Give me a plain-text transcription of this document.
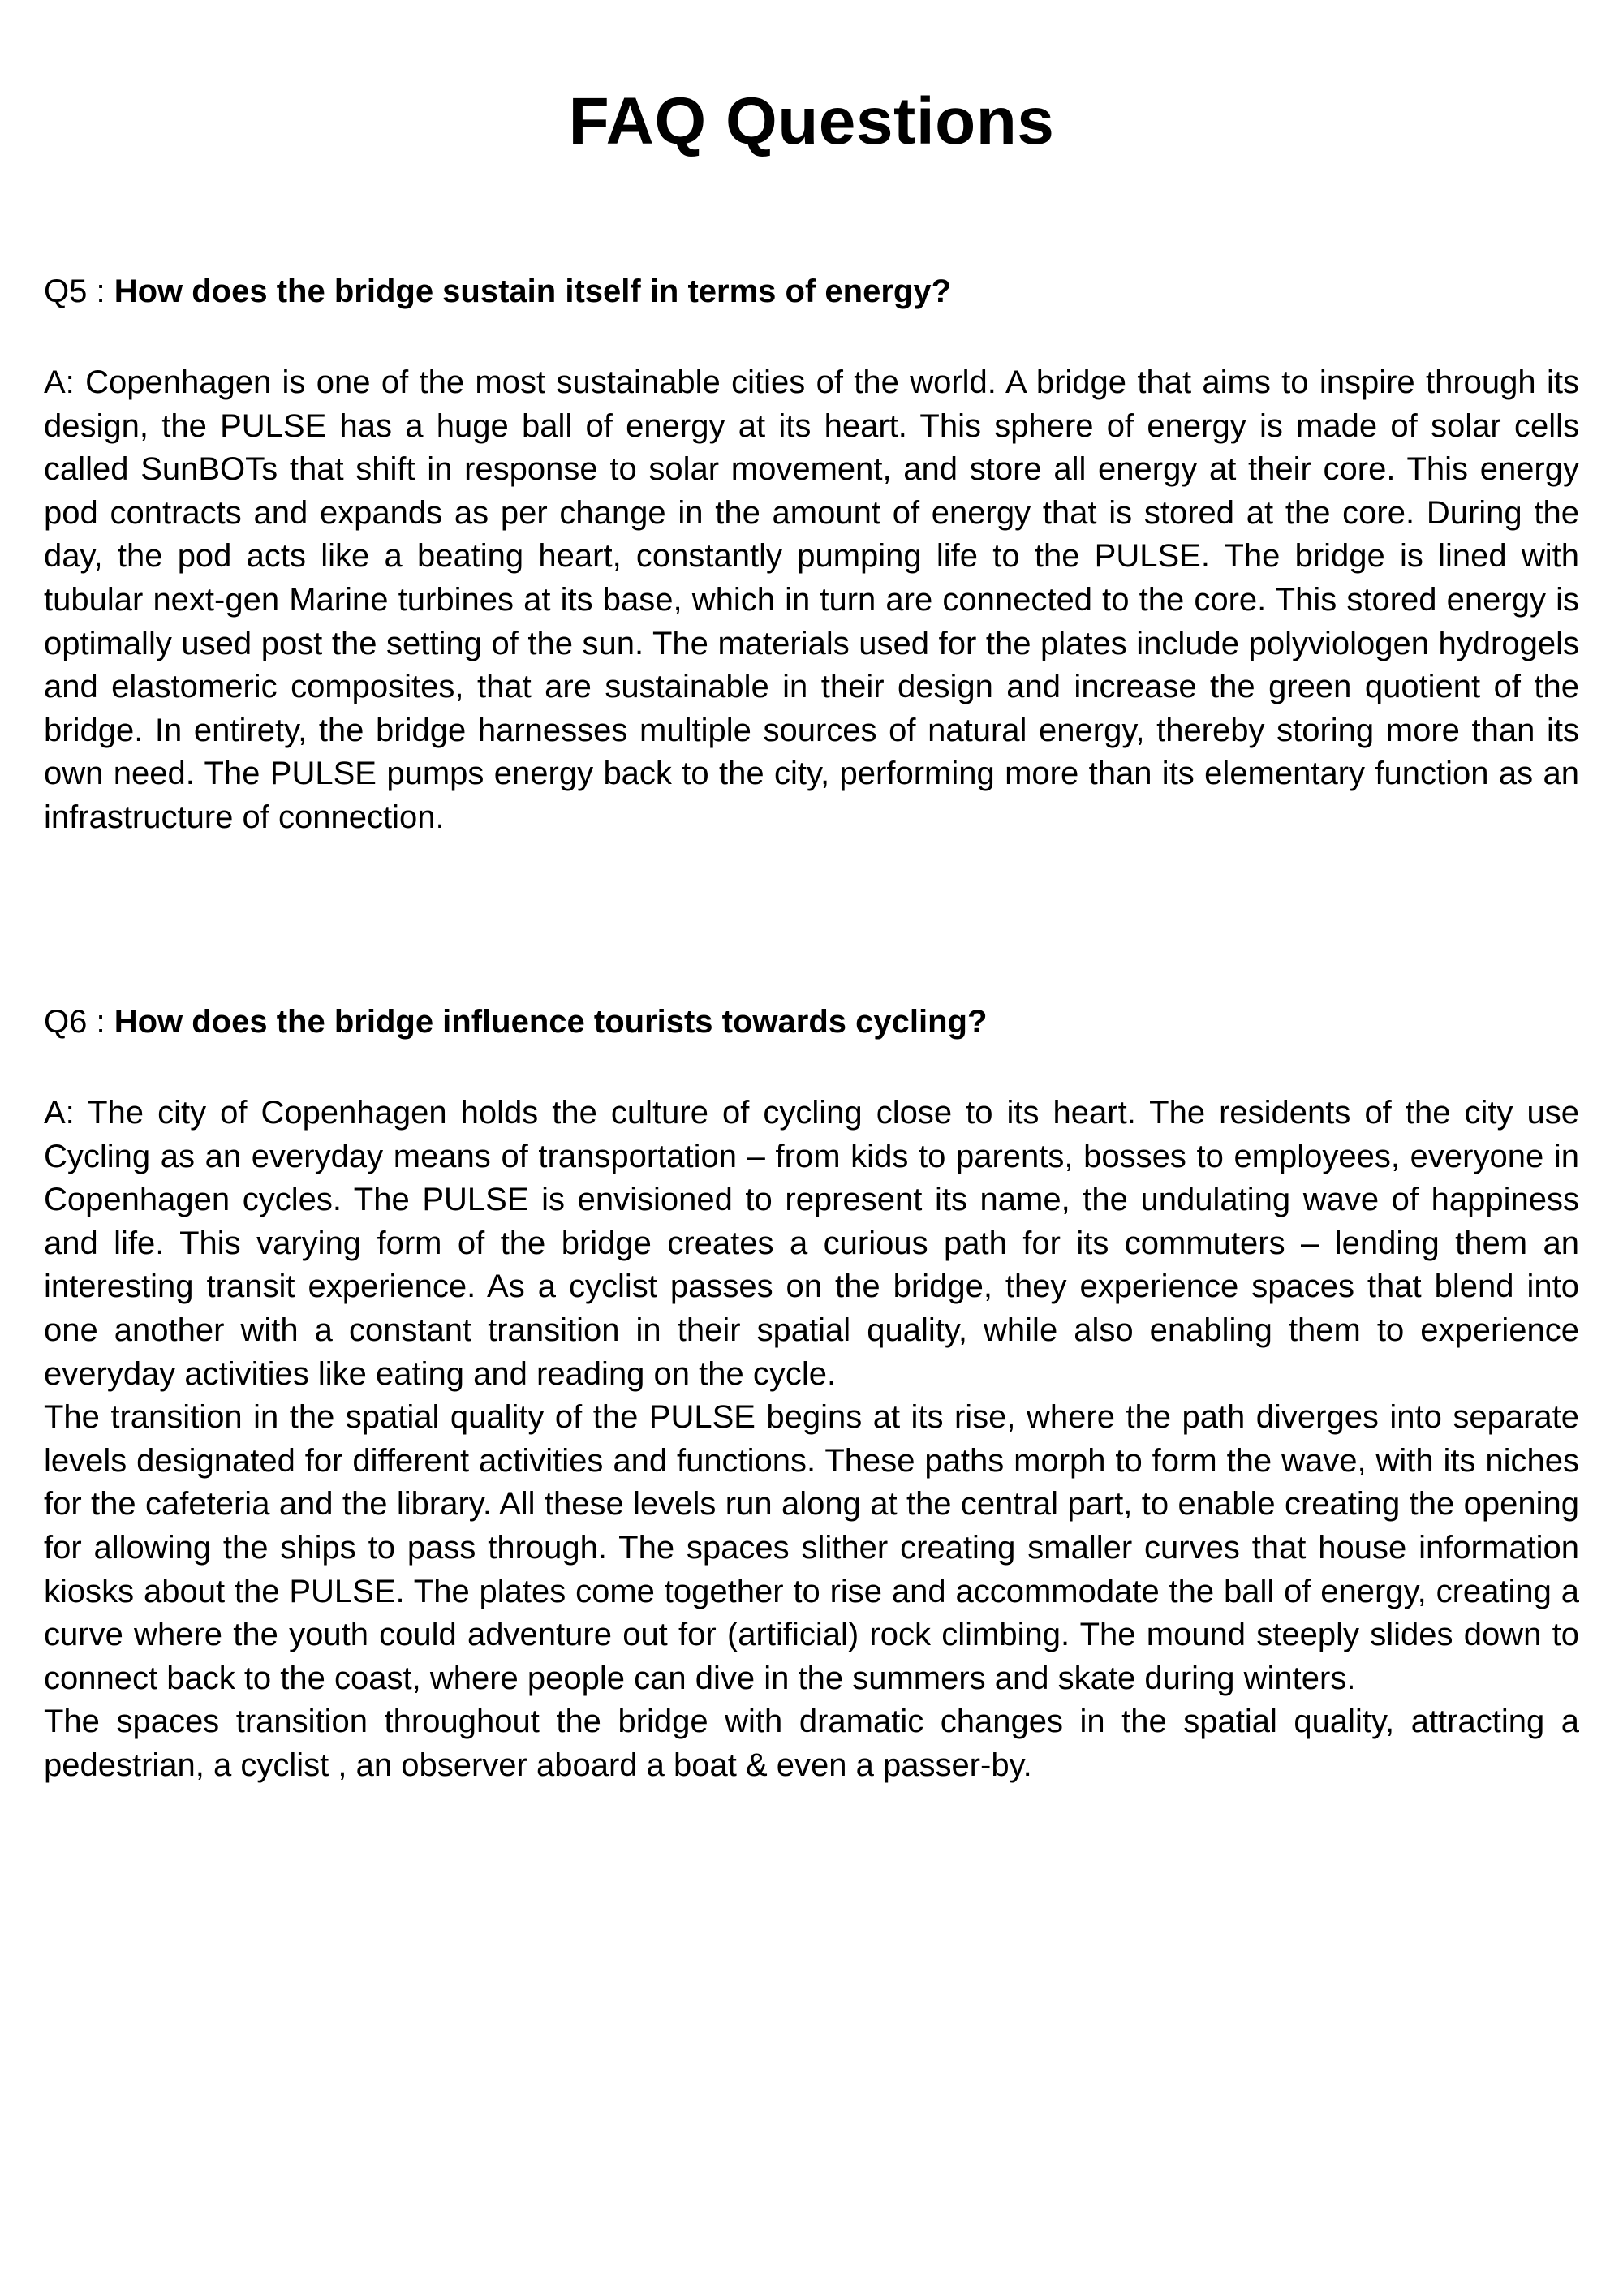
FAQ Questions

Q5 : How does the bridge sustain itself in terms of energy?

A: Copenhagen is one of the most sustainable cities of the world. A bridge that aims to inspire through its design, the PULSE has a huge ball of energy at its heart. This sphere of energy is made of solar cells called SunBOTs that shift in response to solar movement, and store all energy at their core. This energy pod contracts and expands as per change in the amount of energy that is stored at the core. During the day, the pod acts like a beating heart, constantly pumping life to the PULSE. The bridge is lined with tubular next-gen Marine turbines at its base, which in turn are connected to the core. This stored energy is optimally used post the setting of the sun. The materials used for the plates include polyviologen hydrogels and elastomeric composites, that are sustainable in their design and increase the green quotient of the bridge. In entirety, the bridge harnesses multiple sources of natural energy, thereby storing more than its own need. The PULSE pumps energy back to the city, performing more than its elementary function as an infrastructure of connection.

Q6 : How does the bridge influence tourists towards cycling?

A: The city of Copenhagen holds the culture of cycling close to its heart. The residents of the city use Cycling as an everyday means of transportation – from kids to parents, bosses to employees, everyone in Copenhagen cycles. The PULSE is envisioned to represent its name, the undulating wave of happiness and life. This varying form of the bridge creates a curious path for its commuters – lending them an interesting transit experience. As a cyclist passes on the bridge, they experience spaces that blend into one another with a constant transition in their spatial quality, while also enabling them to experience everyday activities like eating and reading on the cycle.

The transition in the spatial quality of the PULSE begins at its rise, where the path diverges into separate levels designated for different activities and functions. These paths morph to form the wave, with its niches for the cafeteria and the library. All these levels run along at the central part, to enable creating the opening for allowing the ships to pass through. The spaces slither creating smaller curves that house information kiosks about the PULSE. The plates come together to rise and accommodate the ball of energy, creating a curve where the youth could adventure out for (artificial) rock climbing. The mound steeply slides down to connect back to the coast, where people can dive in the summers and skate during winters.

The spaces transition throughout the bridge with dramatic changes in the spatial quality, attracting a pedestrian, a cyclist , an observer aboard a boat & even a passer-by.
